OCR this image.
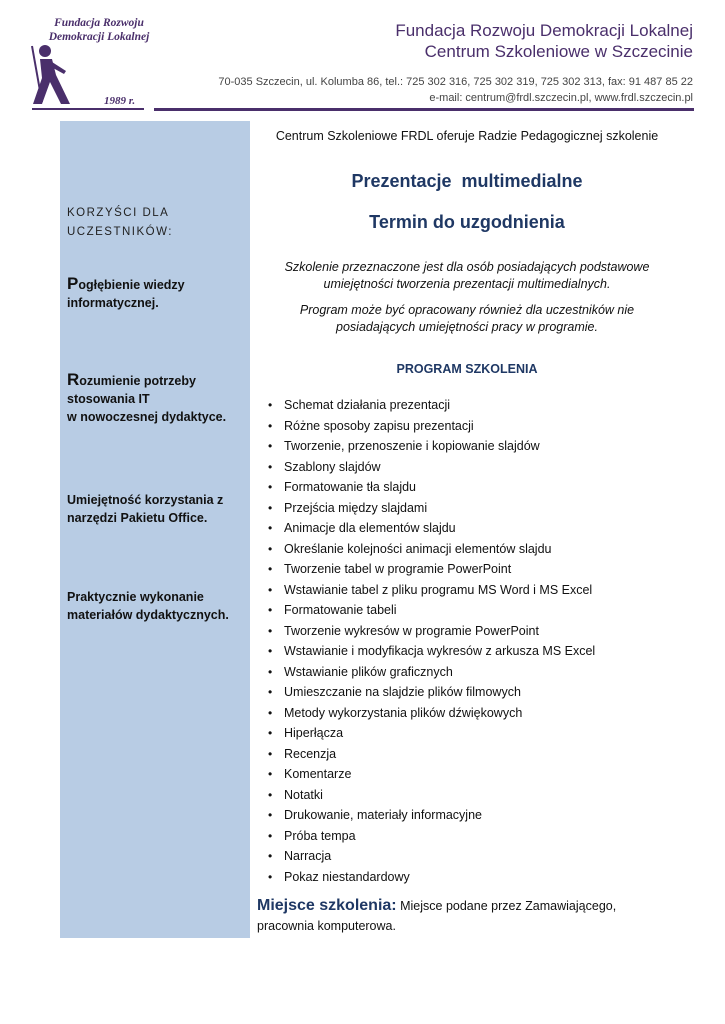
Fundacja Rozwoju
Demokracji Lokalnej
1989 r.
Fundacja Rozwoju Demokracji Lokalnej
Centrum Szkoleniowe w Szczecinie
70-035 Szczecin, ul. Kolumba 86, tel.: 725 302 316, 725 302 319, 725 302 313, fax: 91 487 85 22
e-mail: centrum@frdl.szczecin.pl, www.frdl.szczecin.pl
KORZYŚCI DLA
UCZESTNIKÓW:
Pogłębienie wiedzy
informatycznej.
Rozumienie potrzeby
stosowania IT
w nowoczesnej dydaktyce.
Umiejętność korzystania z
narzędzi Pakietu Office.
Praktycznie wykonanie
materiałów dydaktycznych.
Centrum Szkoleniowe FRDL oferuje Radzie Pedagogicznej szkolenie
Prezentacje  multimedialne
Termin do uzgodnienia
Szkolenie przeznaczone jest dla osób posiadających podstawowe
umiejętności tworzenia prezentacji multimedialnych.
Program może być opracowany również dla uczestników nie
posiadających umiejętności pracy w programie.
PROGRAM SZKOLENIA
• Schemat działania prezentacji
• Różne sposoby zapisu prezentacji
• Tworzenie, przenoszenie i kopiowanie slajdów
• Szablony slajdów
• Formatowanie tła slajdu
• Przejścia między slajdami
• Animacje dla elementów slajdu
• Określanie kolejności animacji elementów slajdu
• Tworzenie tabel w programie PowerPoint
• Wstawianie tabel z pliku programu MS Word i MS Excel
• Formatowanie tabeli
• Tworzenie wykresów w programie PowerPoint
• Wstawianie i modyfikacja wykresów z arkusza MS Excel
• Wstawianie plików graficznych
• Umieszczanie na slajdzie plików filmowych
• Metody wykorzystania plików dźwiękowych
• Hiperłącza
• Recenzja
• Komentarze
• Notatki
• Drukowanie, materiały informacyjne
• Próba tempa
• Narracja
• Pokaz niestandardowy
Miejsce szkolenia: Miejsce podane przez Zamawiającego,
pracownia komputerowa.
